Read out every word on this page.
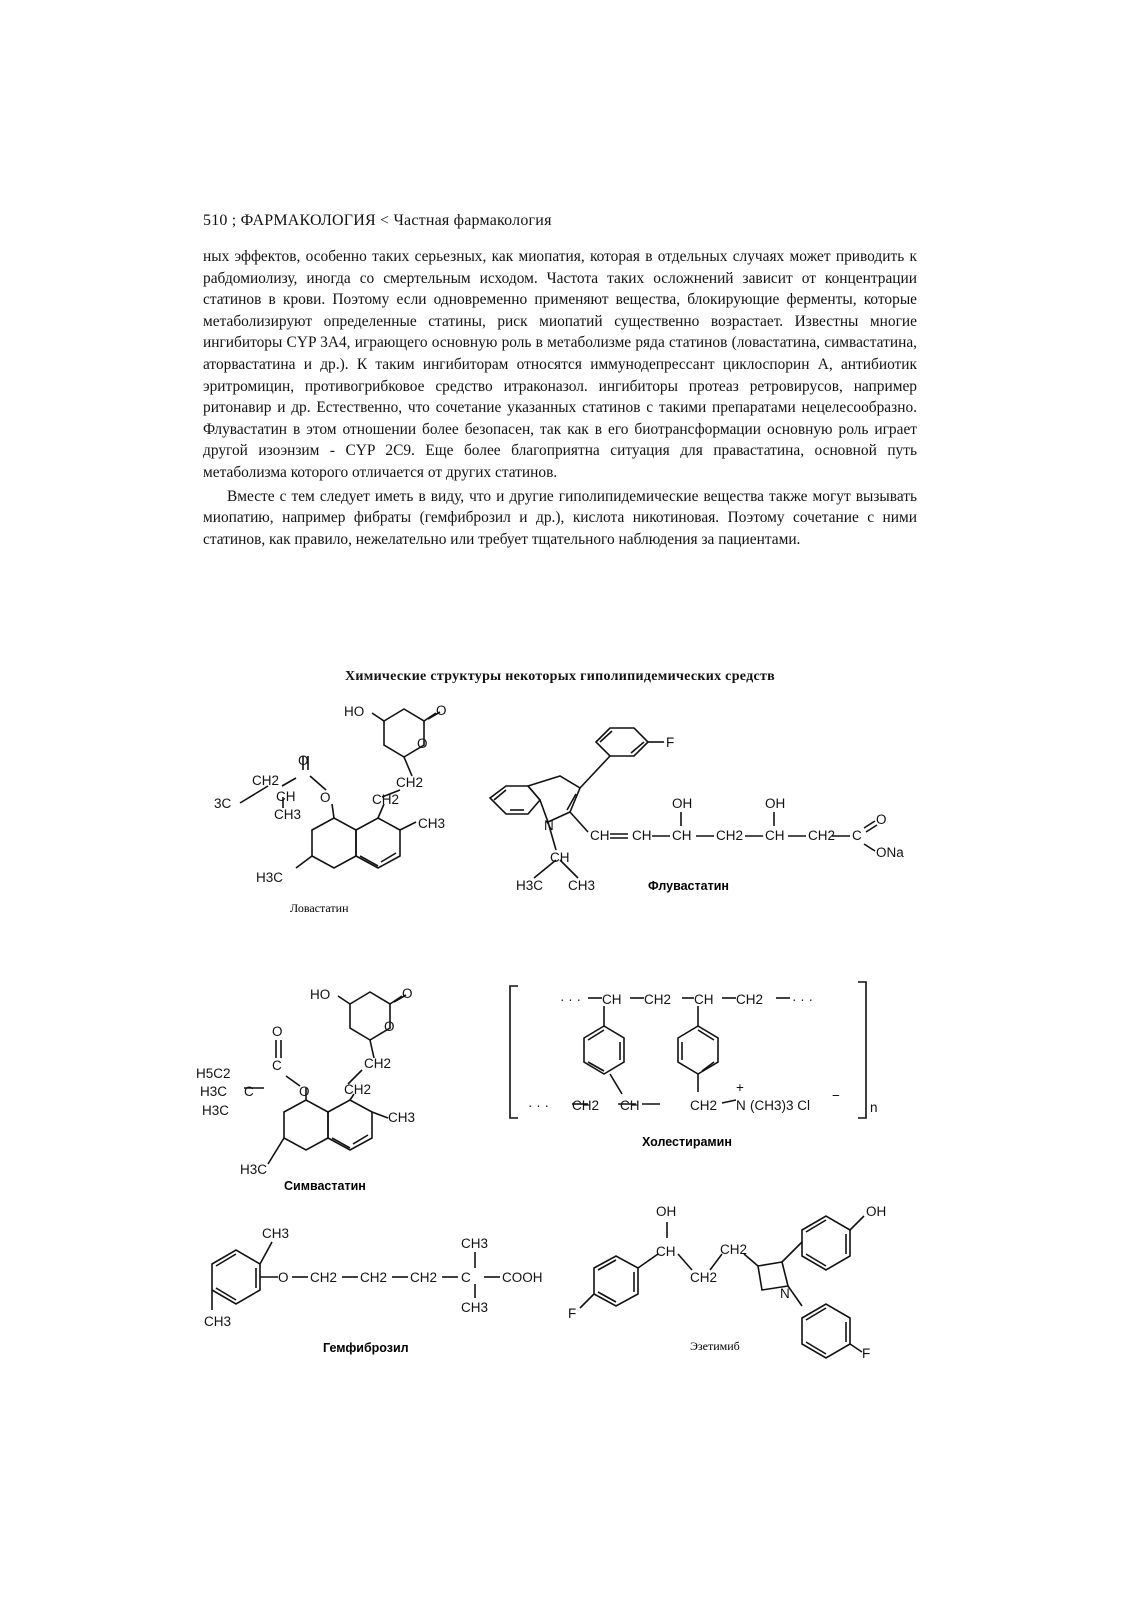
510 ; ФАРМАКОЛОГИЯ < Частная фармакология

ных эффектов, особенно таких серьезных, как миопатия, которая в отдельных случаях может приводить к рабдомиолизу, иногда со смертельным исходом. Частота таких осложнений зависит от концентрации статинов в крови. Поэтому если одновременно применяют вещества, блокирующие ферменты, которые метаболизируют определенные статины, риск миопатий существенно возрастает. Известны многие ингибиторы CYP 3A4, играющего основную роль в метаболизме ряда статинов (ловастатина, симвастатина, аторвастатина и др.). К таким ингибиторам относятся иммунодепрессант циклоспорин А, антибиотик эритромицин, противогрибковое средство итраконазол. ингибиторы протеаз ретровирусов, например ритонавир и др. Естественно, что сочетание указанных статинов с такими препаратами нецелесообразно. Флувастатин в этом отношении более безопасен, так как в его биотрансформации основную роль играет другой изоэнзим - CYP 2C9. Еще более благоприятна ситуация для правастатина, основной путь метаболизма которого отличается от других статинов.

Вместе с тем следует иметь в виду, что и другие гиполипидемические вещества также могут вызывать миопатию, например фибраты (гемфиброзил и др.), кислота никотиновая. Поэтому сочетание с ними статинов, как правило, нежелательно или требует тщательного наблюдения за пациентами.

Химические структуры некоторых гиполипидемических средств
HO	O
O
CH2
CH2
O
O
CH2
CH
CH3
3C
CH3
H3C
F
N
CH
H3C CH3
CH CH
OH
CH CH2
OH
CH CH2 C
O
ONa
HO	O
O
CH2
CH2
O
C
O
H5C2
H3C C
H3C	CH3
H3C
· · · CH CH2 CH CH2 · · ·
· · · CH2 CH	CH2
+
N (CH3)3 Cl
−
n
CH3
CH3
O CH2 CH2 CH2 C
CH3
CH3
COOH
OH
CH
CH2
CH2
OH
N
F
F
Ловастатин
Флувастатин
Симвастатин
Холестирамин
Гемфиброзил	Эзетимиб
